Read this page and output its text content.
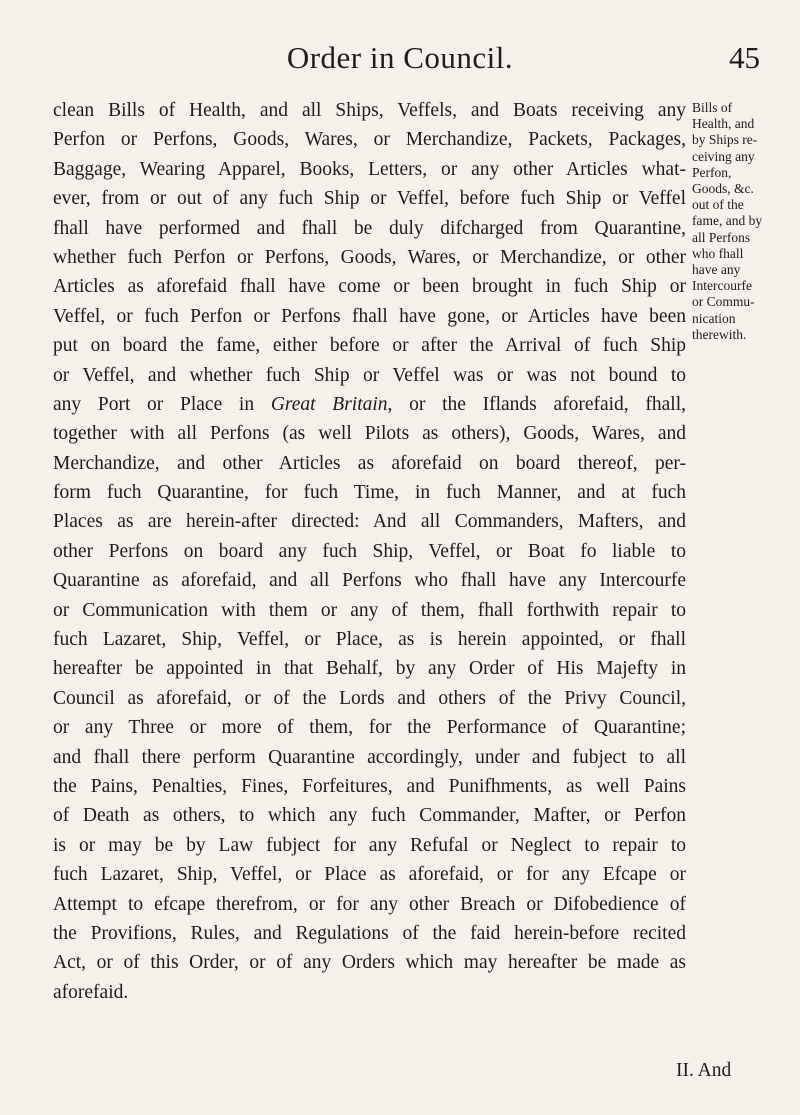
Order in Council.	45
clean Bills of Health, and all Ships, Veffels, and Boats receiving any
Perfon or Perfons, Goods, Wares, or Merchandize, Packets, Packages,
Baggage, Wearing Apparel, Books, Letters, or any other Articles what-
ever, from or out of any fuch Ship or Veffel, before fuch Ship or Veffel
fhall have performed and fhall be duly difcharged from Quarantine,
whether fuch Perfon or Perfons, Goods, Wares, or Merchandize, or other
Articles as aforefaid fhall have come or been brought in fuch Ship or
Veffel, or fuch Perfon or Perfons fhall have gone, or Articles have been
put on board the fame, either before or after the Arrival of fuch Ship
or Veffel, and whether fuch Ship or Veffel was or was not bound to
any Port or Place in Great Britain, or the Iflands aforefaid, fhall,
together with all Perfons (as well Pilots as others), Goods, Wares, and
Merchandize, and other Articles as aforefaid on board thereof, per-
form fuch Quarantine, for fuch Time, in fuch Manner, and at fuch
Places as are herein-after directed: And all Commanders, Mafters, and
other Perfons on board any fuch Ship, Veffel, or Boat fo liable to
Quarantine as aforefaid, and all Perfons who fhall have any Intercourfe
or Communication with them or any of them, fhall forthwith repair to
fuch Lazaret, Ship, Veffel, or Place, as is herein appointed, or fhall
hereafter be appointed in that Behalf, by any Order of His Majefty in
Council as aforefaid, or of the Lords and others of the Privy Council,
or any Three or more of them, for the Performance of Quarantine;
and fhall there perform Quarantine accordingly, under and fubject to all
the Pains, Penalties, Fines, Forfeitures, and Punifhments, as well Pains
of Death as others, to which any fuch Commander, Mafter, or Perfon
is or may be by Law fubject for any Refufal or Neglect to repair to
fuch Lazaret, Ship, Veffel, or Place as aforefaid, or for any Efcape or
Attempt to efcape therefrom, or for any other Breach or Difobedience of
the Provifions, Rules, and Regulations of the faid herein-before recited
Act, or of this Order, or of any Orders which may hereafter be made as
aforefaid.
Bills of
Health, and
by Ships re-
ceiving any
Perfon,
Goods, &c.
out of the
fame, and by
all Perfons
who fhall
have any
Intercourfe
or Commu-
nication
therewith.
II. And
